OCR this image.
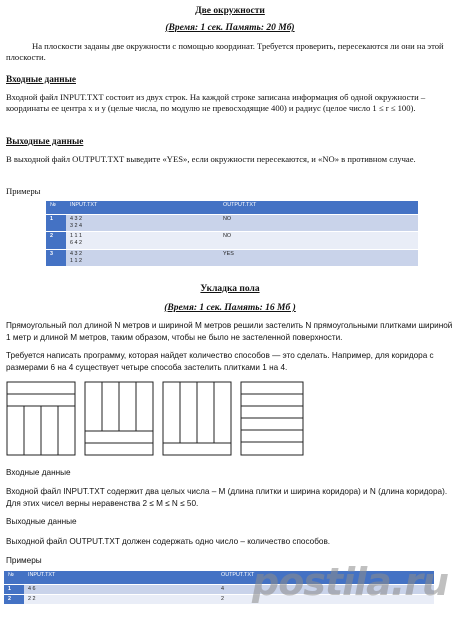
Две окружности
(Время: 1 сек. Память: 20 Мб)
На плоскости заданы две окружности с помощью координат. Требуется проверить, пересекаются ли они на этой плоскости.
Входные данные
Входной файл INPUT.TXT состоит из двух строк. На каждой строке записана информация об одной окружности – координаты ее центра x и y (целые числа, по модулю не превосходящие 400) и радиус (целое число 1 ≤ r ≤ 100).
Выходные данные
В выходной файл OUTPUT.TXT выведите «YES», если окружности пересекаются, и «NO» в противном случае.
Примеры
№	INPUT.TXT	OUTPUT.TXT
1	4 3 2
3 2 4	NO
2	1 1 1
6 4 2	NO
3	4 3 2
1 1 2	YES
Укладка пола
(Время: 1 сек. Память: 16 Мб )
Прямоугольный пол длиной N метров и шириной M метров решили застелить N прямоугольными плитками шириной 1 метр и длиной M метров, таким образом, чтобы не было не застеленной поверхности.
Требуется написать программу, которая найдет количество способов — это сделать. Например, для коридора с размерами 6 на 4 существует четыре способа застелить плитками 1 на 4.
Входные данные
Входной файл INPUT.TXT содержит два целых числа – M (длина плитки и ширина коридора) и N (длина коридора). Для этих чисел верны неравенства 2 ≤ M ≤ N ≤ 50.
Выходные данные
Выходной файл OUTPUT.TXT должен содержать одно число – количество способов.
Примеры
№	INPUT.TXT	OUTPUT.TXT
1	4 6	4
2	2 2	2 postila.ru
